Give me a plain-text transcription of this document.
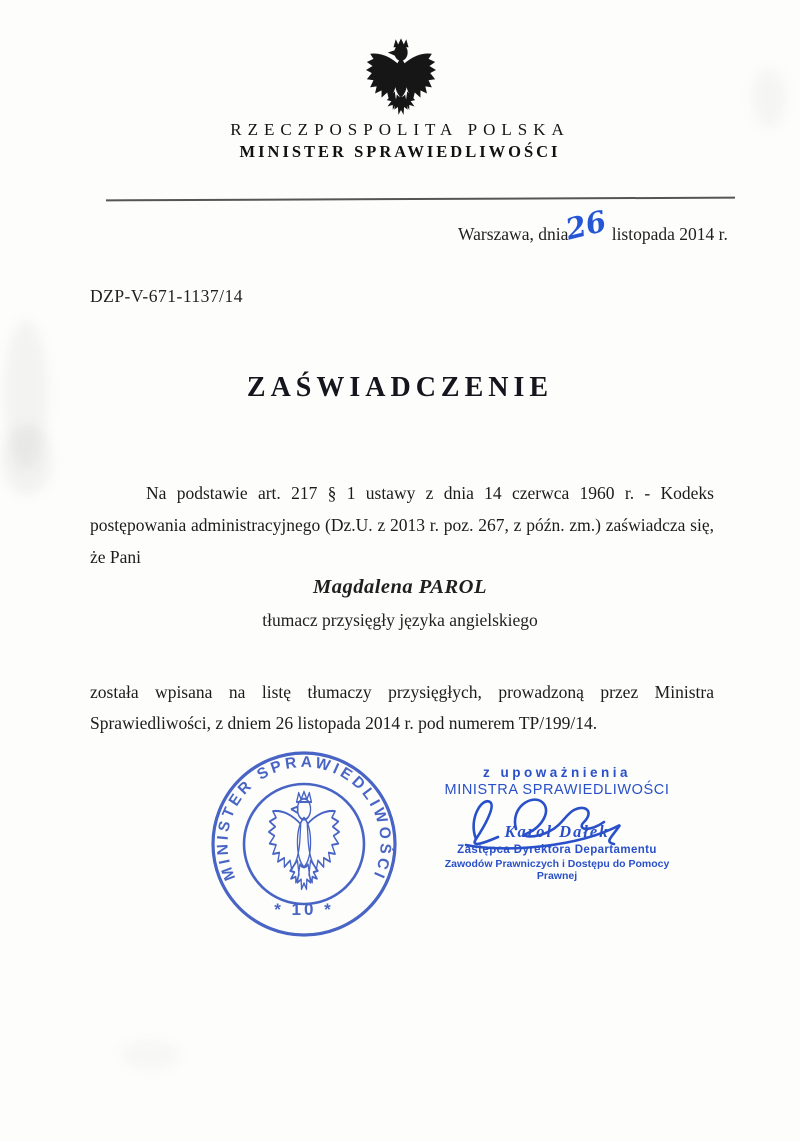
RZECZPOSPOLITA POLSKA
MINISTER SPRAWIEDLIWOŚCI
Warszawa, dnia26listopada 2014 r.
DZP-V-671-1137/14
ZAŚWIADCZENIE

Na podstawie art. 217 § 1 ustawy z dnia 14 czerwca 1960 r. - Kodeks postępowania administracyjnego (Dz.U. z 2013 r. poz. 267, z późn. zm.) zaświadcza się, że Pani

Magdalena PAROL
tłumacz przysięgły języka angielskiego

została wpisana na listę tłumaczy przysięgłych, prowadzoną przez Ministra Sprawiedliwości, z dniem 26 listopada 2014 r. pod numerem TP/199/14.

MINISTER SPRAWIEDLIWOŚCI
* 10 *
z upoważnienia
MINISTRA SPRAWIEDLIWOŚCI
Karol Dałek
Zastępca Dyrektora Departamentu
Zawodów Prawniczych i Dostępu do Pomocy Prawnej
